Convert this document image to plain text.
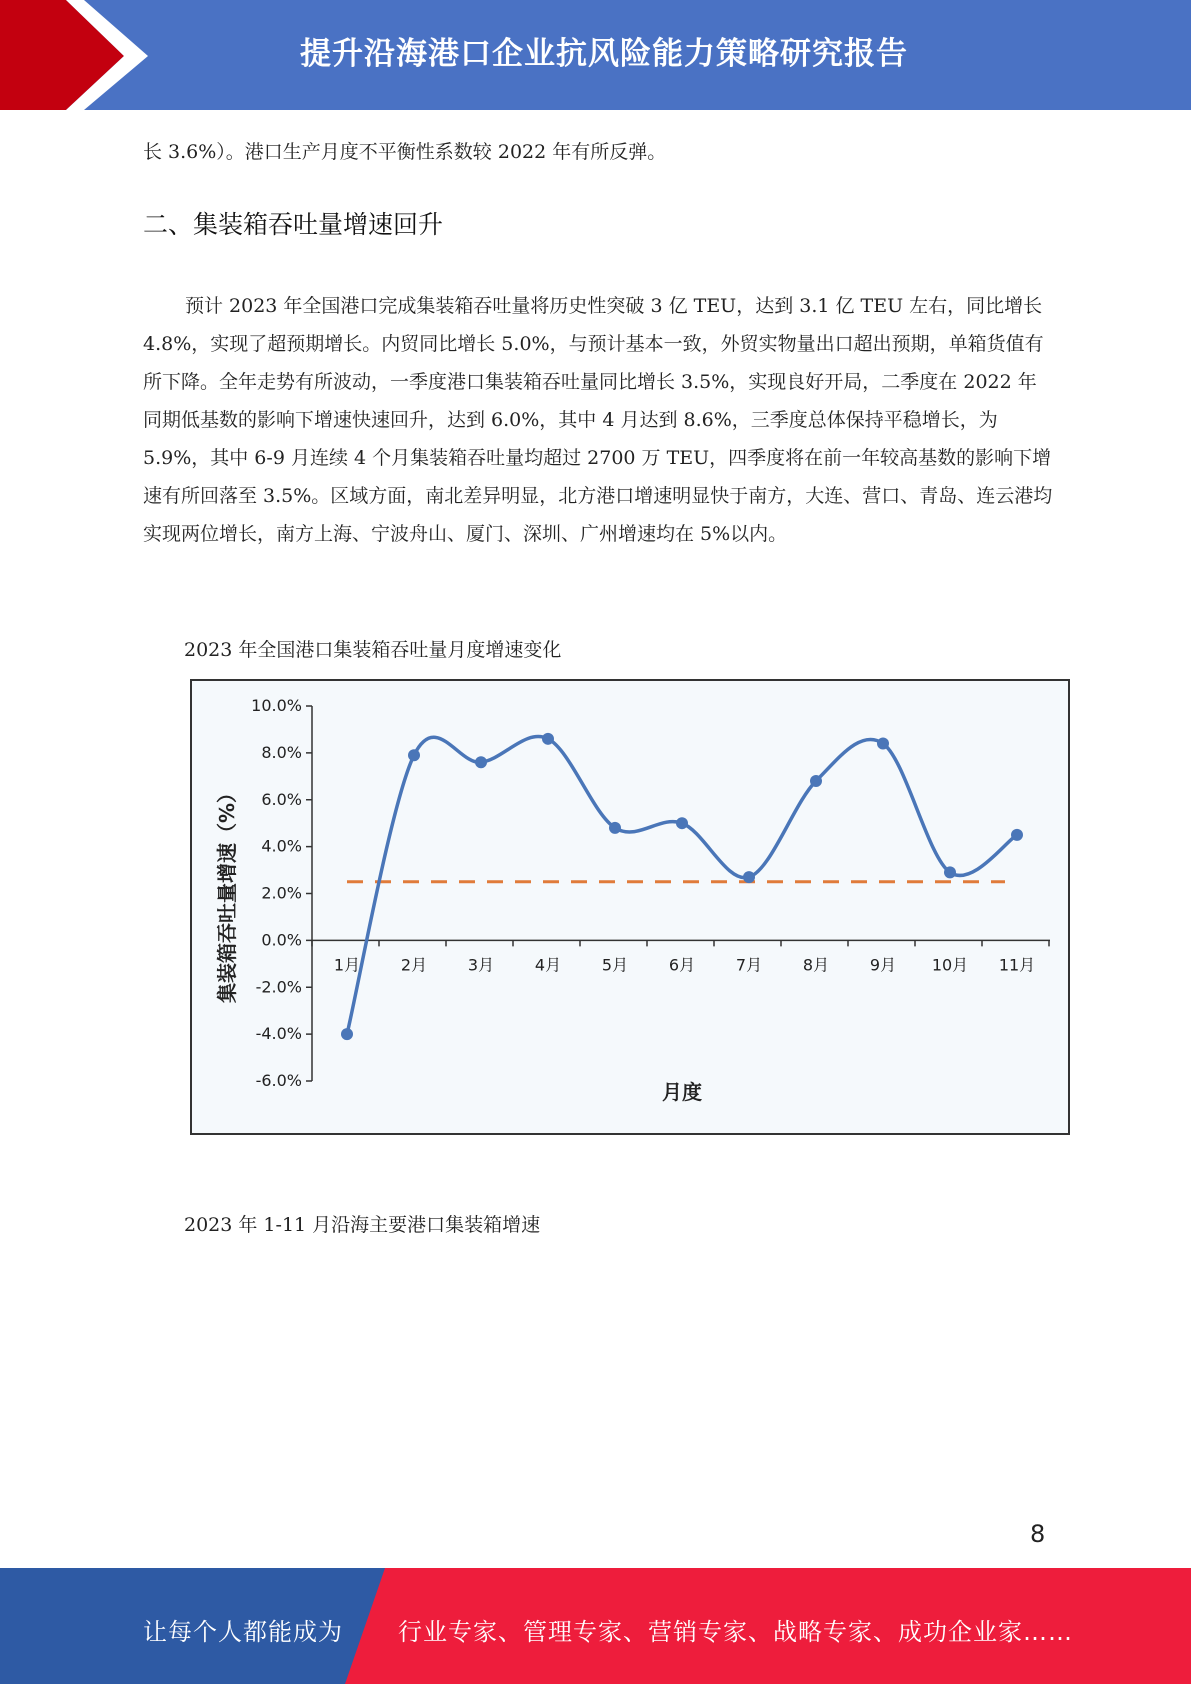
提升沿海港口企业抗风险能力策略研究报告

长 3.6%）。港口生产月度不平衡性系数较 2022 年有所反弹。

二、集装箱吞吐量增速回升

预计 2023 年全国港口完成集装箱吞吐量将历史性突破 3 亿 TEU，达到 3.1 亿 TEU 左右，同比增长 4.8%，实现了超预期增长。内贸同比增长 5.0%，与预计基本一致，外贸实物量出口超出预期，单箱货值有所下降。全年走势有所波动，一季度港口集装箱吞吐量同比增长 3.5%，实现良好开局，二季度在 2022 年同期低基数的影响下增速快速回升，达到 6.0%，其中 4 月达到 8.6%，三季度总体保持平稳增长，为 5.9%，其中 6-9 月连续 4 个月集装箱吞吐量均超过 2700 万 TEU，四季度将在前一年较高基数的影响下增速有所回落至 3.5%。区域方面，南北差异明显，北方港口增速明显快于南方，大连、营口、青岛、连云港均实现两位增长，南方上海、宁波舟山、厦门、深圳、广州增速均在 5%以内。

2023 年全国港口集装箱吞吐量月度增速变化
10.0%
8.0%
6.0%
4.0%
2.0%
0.0%
-2.0%
-4.0%
-6.0%
1月	2月	3月	4月	5月	6月	7月	8月	9月 10月 11月
月度
集装箱吞吐量增速（%）
2023 年 1-11 月沿海主要港口集装箱增速
8
让每个人都能成为 行业专家、管理专家、营销专家、战略专家、成功企业家……
